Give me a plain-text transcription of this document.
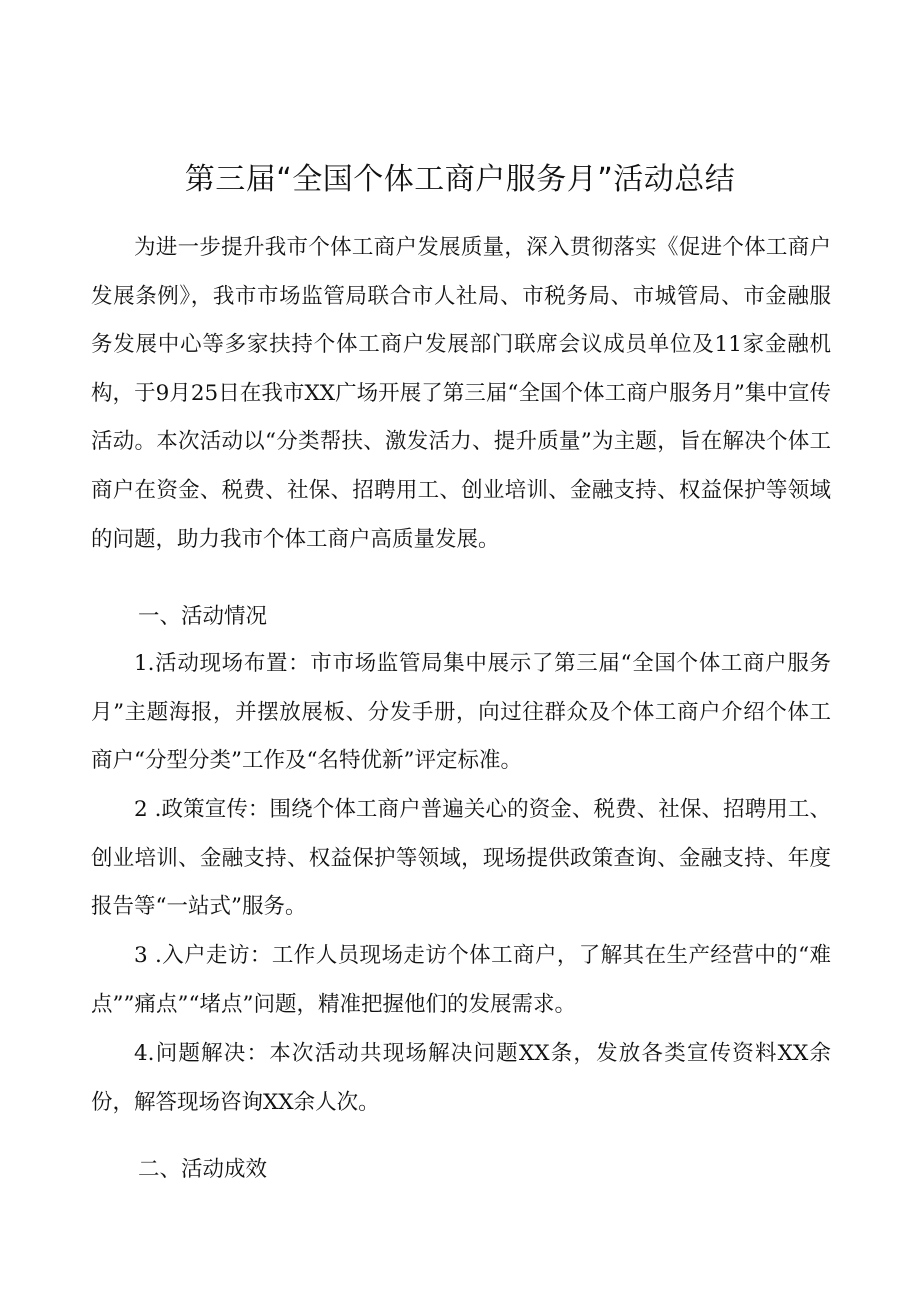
第三届“全国个体工商户服务月”活动总结

为进一步提升我市个体工商户发展质量，深入贯彻落实《促进个体工商户发展条例》，我市市场监管局联合市人社局、市税务局、市城管局、市金融服务发展中心等多家扶持个体工商户发展部门联席会议成员单位及11家金融机构，于9月25日在我市XX广场开展了第三届“全国个体工商户服务月”集中宣传活动。本次活动以“分类帮扶、激发活力、提升质量”为主题，旨在解决个体工商户在资金、税费、社保、招聘用工、创业培训、金融支持、权益保护等领域的问题，助力我市个体工商户高质量发展。

一、活动情况

1.活动现场布置：市市场监管局集中展示了第三届“全国个体工商户服务月”主题海报，并摆放展板、分发手册，向过往群众及个体工商户介绍个体工商户“分型分类”工作及“名特优新”评定标准。

2 .政策宣传：围绕个体工商户普遍关心的资金、税费、社保、招聘用工、创业培训、金融支持、权益保护等领域，现场提供政策查询、金融支持、年度报告等“一站式”服务。

3 .入户走访：工作人员现场走访个体工商户，了解其在生产经营中的“难点””痛点”“堵点”问题，精准把握他们的发展需求。

4.问题解决：本次活动共现场解决问题XX条，发放各类宣传资料XX余份，解答现场咨询XX余人次。

二、活动成效
